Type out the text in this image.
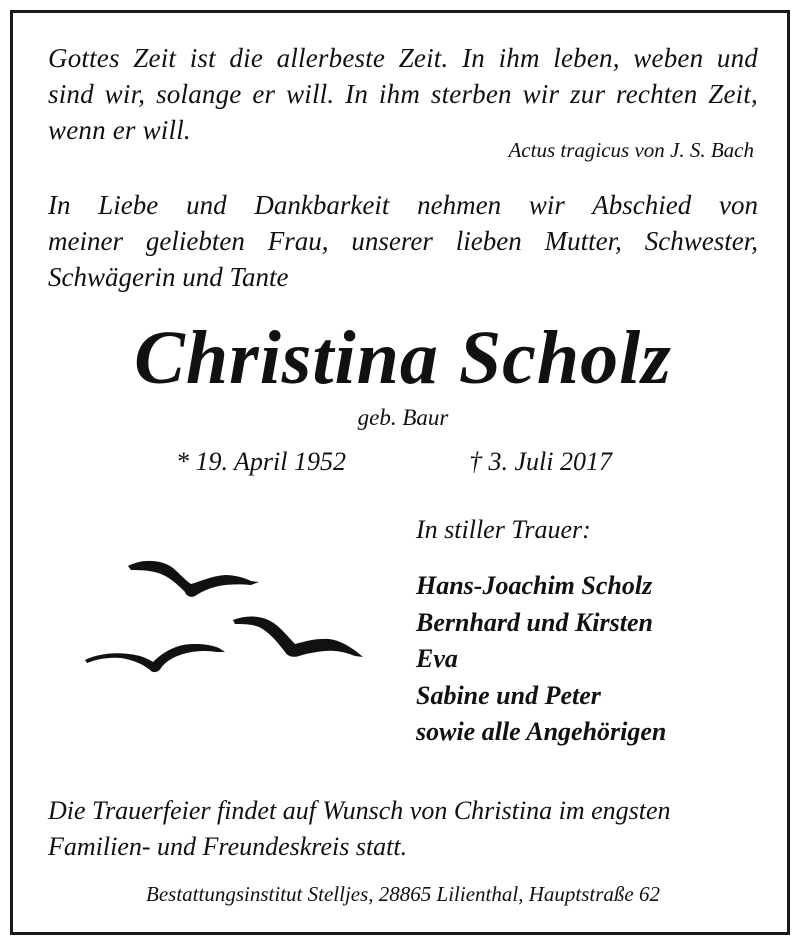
Gottes Zeit ist die allerbeste Zeit. In ihm leben, weben und
sind wir, solange er will. In ihm sterben wir zur rechten Zeit,
wenn er will.
Actus tragicus von J. S. Bach
In Liebe und Dankbarkeit nehmen wir Abschied von
meiner geliebten Frau, unserer lieben Mutter, Schwester,
Schwägerin und Tante
Christina Scholz
geb. Baur
* 19. April 1952	† 3. Juli 2017
In stiller Trauer:
Hans-Joachim Scholz
Bernhard und Kirsten
Eva
Sabine und Peter
sowie alle Angehörigen
Die Trauerfeier findet auf Wunsch von Christina im engsten
Familien- und Freundeskreis statt.
Bestattungsinstitut Stelljes, 28865 Lilienthal, Hauptstraße 62
